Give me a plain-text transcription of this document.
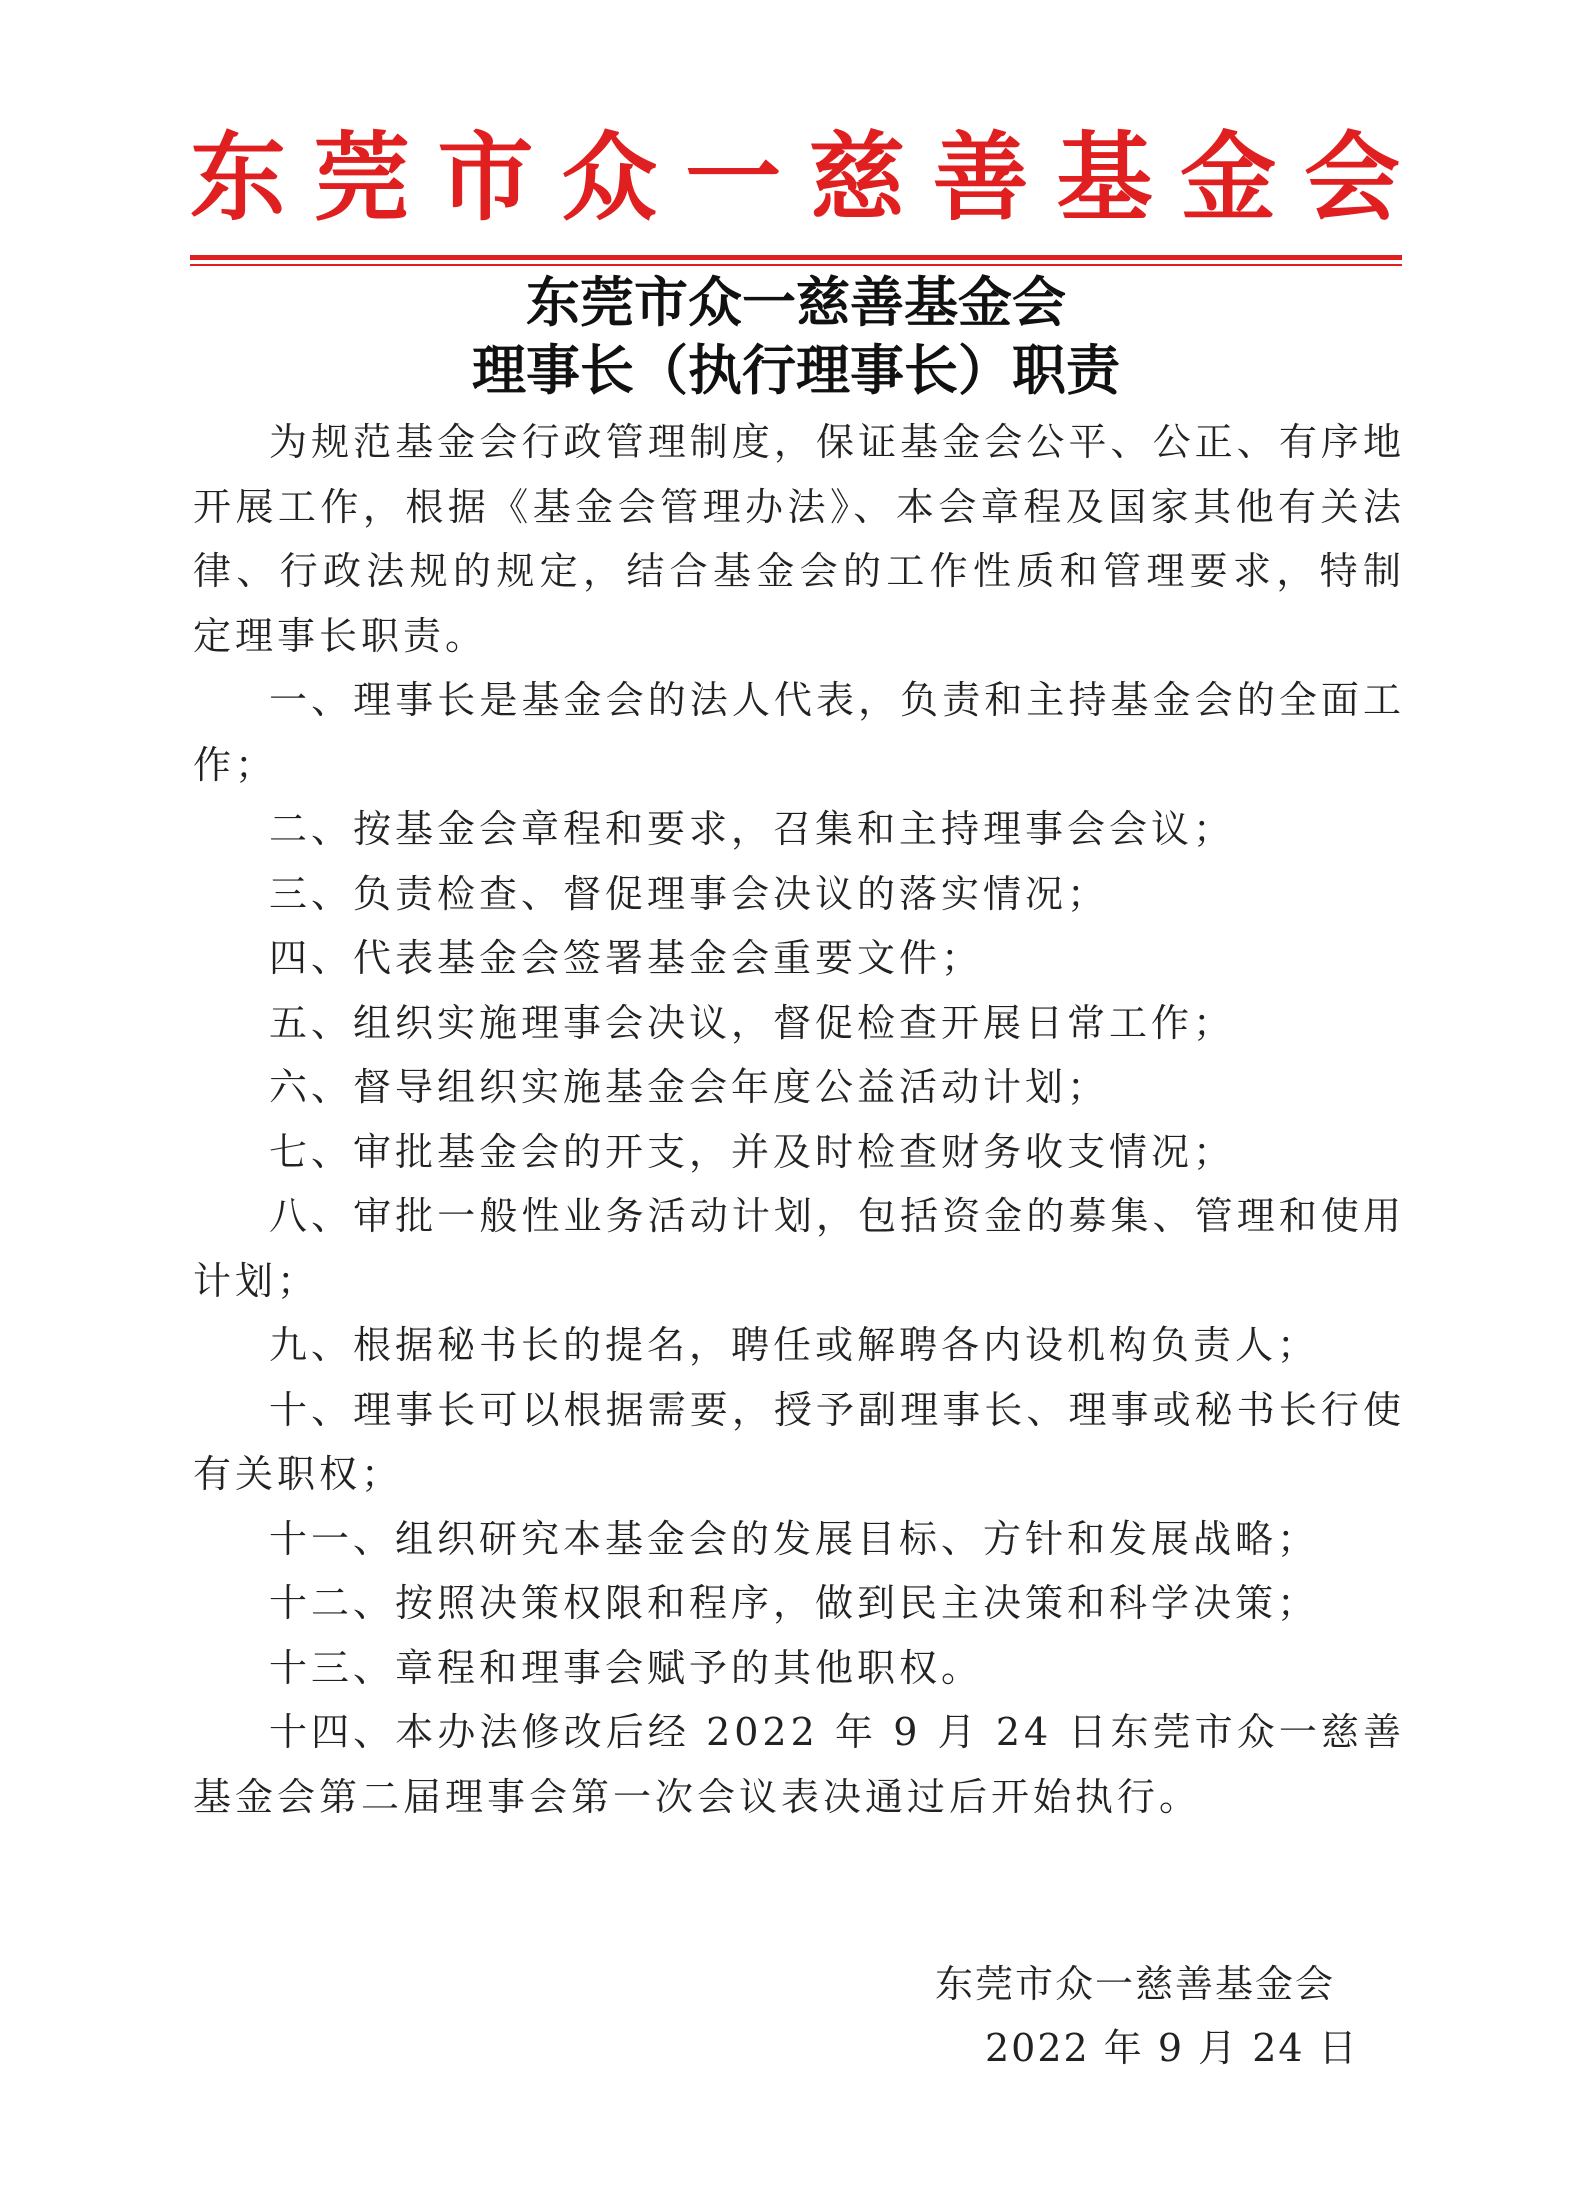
东莞市众一慈善基金会
东莞市众一慈善基金会
理事长（执行理事长）职责

为规范基金会行政管理制度，保证基金会公平、公正、有序地开展工作，根据《基金会管理办法》、本会章程及国家其他有关法律、行政法规的规定，结合基金会的工作性质和管理要求，特制定理事长职责。

一、理事长是基金会的法人代表，负责和主持基金会的全面工作；

二、按基金会章程和要求，召集和主持理事会会议；

三、负责检查、督促理事会决议的落实情况；

四、代表基金会签署基金会重要文件；

五、组织实施理事会决议，督促检查开展日常工作；

六、督导组织实施基金会年度公益活动计划；

七、审批基金会的开支，并及时检查财务收支情况；

八、审批一般性业务活动计划，包括资金的募集、管理和使用计划；

九、根据秘书长的提名，聘任或解聘各内设机构负责人；

十、理事长可以根据需要，授予副理事长、理事或秘书长行使有关职权；

十一、组织研究本基金会的发展目标、方针和发展战略；

十二、按照决策权限和程序，做到民主决策和科学决策；

十三、章程和理事会赋予的其他职权。

十四、本办法修改后经 2022 年 9 月 24 日东莞市众一慈善基金会第二届理事会第一次会议表决通过后开始执行。

东莞市众一慈善基金会
2022 年 9 月 24 日
